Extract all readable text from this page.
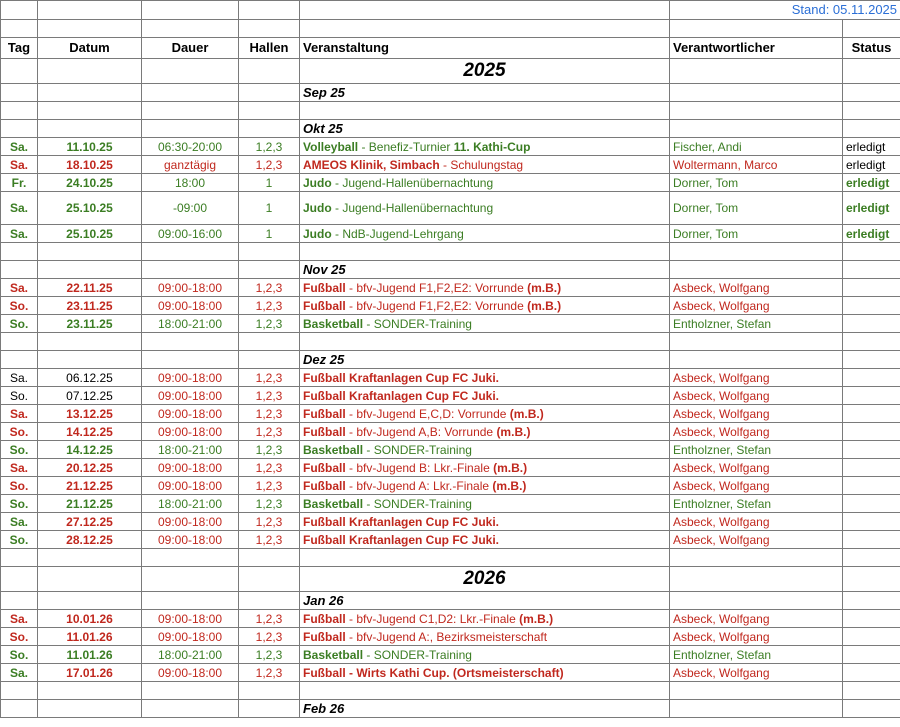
					Stand: 05.11.2025	

Tag	Datum	Dauer	Hallen	Veranstaltung	Verantwortlicher	Status
				2025		
				Sep 25		

				Okt 25		
Sa.	11.10.25	06:30-20:00	1,2,3	Volleyball - Benefiz-Turnier 11. Kathi-Cup	Fischer, Andi	erledigt
Sa.	18.10.25	ganztägig	1,2,3	AMEOS Klinik, Simbach - Schulungstag	Woltermann, Marco	erledigt
Fr.	24.10.25	18:00	1	Judo - Jugend-Hallenübernachtung	Dorner, Tom	erledigt
Sa.	25.10.25	-09:00	1	Judo - Jugend-Hallenübernachtung	Dorner, Tom	erledigt
Sa.	25.10.25	09:00-16:00	1	Judo - NdB-Jugend-Lehrgang	Dorner, Tom	erledigt

				Nov 25		
Sa.	22.11.25	09:00-18:00	1,2,3	Fußball - bfv-Jugend F1,F2,E2: Vorrunde (m.B.)	Asbeck, Wolfgang	
So.	23.11.25	09:00-18:00	1,2,3	Fußball - bfv-Jugend F1,F2,E2: Vorrunde (m.B.)	Asbeck, Wolfgang	
So.	23.11.25	18:00-21:00	1,2,3	Basketball - SONDER-Training	Entholzner, Stefan	

				Dez 25		
Sa.	06.12.25	09:00-18:00	1,2,3	Fußball Kraftanlagen Cup FC Juki.	Asbeck, Wolfgang	
So.	07.12.25	09:00-18:00	1,2,3	Fußball Kraftanlagen Cup FC Juki.	Asbeck, Wolfgang	
Sa.	13.12.25	09:00-18:00	1,2,3	Fußball - bfv-Jugend E,C,D: Vorrunde (m.B.)	Asbeck, Wolfgang	
So.	14.12.25	09:00-18:00	1,2,3	Fußball - bfv-Jugend A,B: Vorrunde (m.B.)	Asbeck, Wolfgang	
So.	14.12.25	18:00-21:00	1,2,3	Basketball - SONDER-Training	Entholzner, Stefan	
Sa.	20.12.25	09:00-18:00	1,2,3	Fußball - bfv-Jugend B: Lkr.-Finale (m.B.)	Asbeck, Wolfgang	
So.	21.12.25	09:00-18:00	1,2,3	Fußball - bfv-Jugend A: Lkr.-Finale (m.B.)	Asbeck, Wolfgang	
So.	21.12.25	18:00-21:00	1,2,3	Basketball - SONDER-Training	Entholzner, Stefan	
Sa.	27.12.25	09:00-18:00	1,2,3	Fußball Kraftanlagen Cup FC Juki.	Asbeck, Wolfgang	
So.	28.12.25	09:00-18:00	1,2,3	Fußball Kraftanlagen Cup FC Juki.	Asbeck, Wolfgang	

				2026		
				Jan 26		
Sa.	10.01.26	09:00-18:00	1,2,3	Fußball - bfv-Jugend C1,D2: Lkr.-Finale (m.B.)	Asbeck, Wolfgang	
So.	11.01.26	09:00-18:00	1,2,3	Fußball - bfv-Jugend A:, Bezirksmeisterschaft	Asbeck, Wolfgang	
So.	11.01.26	18:00-21:00	1,2,3	Basketball - SONDER-Training	Entholzner, Stefan	
Sa.	17.01.26	09:00-18:00	1,2,3	Fußball - Wirts Kathi Cup. (Ortsmeisterschaft)	Asbeck, Wolfgang	

				Feb 26		
